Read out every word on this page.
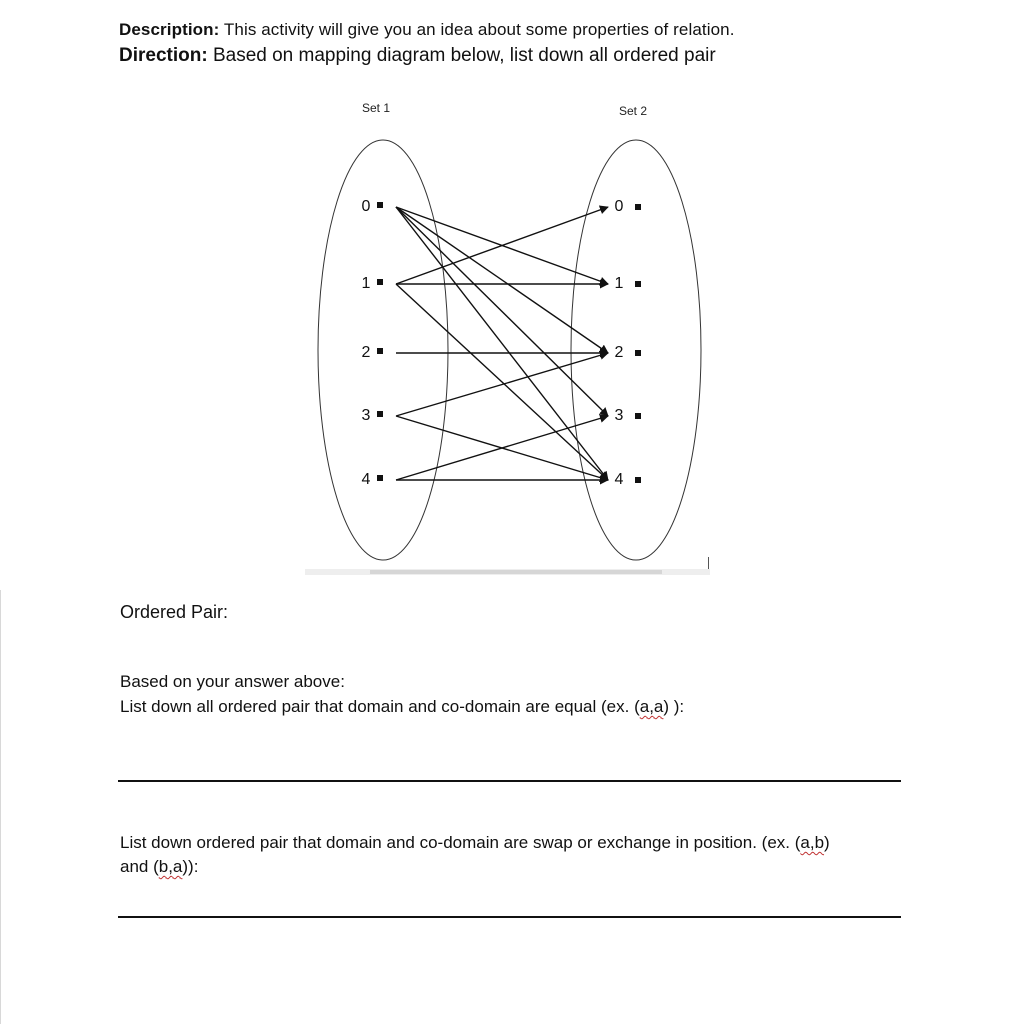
Description: This activity will give you an idea about some properties of relation.
Direction: Based on mapping diagram below, list down all ordered pair
Set 1	Set 2
0
1
2
3
4
0
1
2
3
4
Ordered Pair:
Based on your answer above:
List down all ordered pair that domain and co-domain are equal (ex. (a,a) ):
List down ordered pair that domain and co-domain are swap or exchange in position. (ex. (a,b)
and (b,a)):
